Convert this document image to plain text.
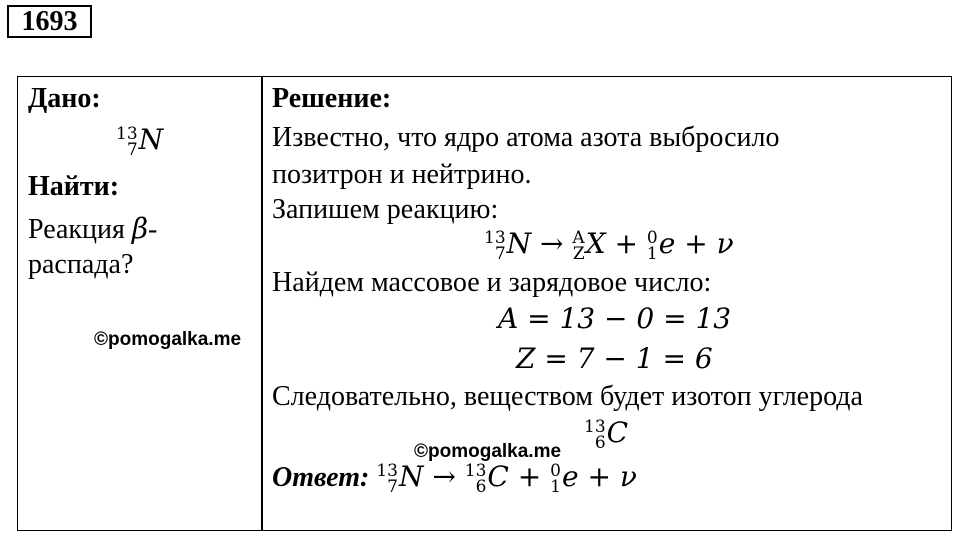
1693
Дано:
13
7 N
Найти:
Реакция β-
распада?
©pomogalka.me
Решение:
Известно, что ядро атома азота выбросило
позитрон и нейтрино.
Запишем реакцию:
13
7 N → A
Z X + 0
1 e + ν
Найдем массовое и зарядовое число:
A = 13 − 0 = 13
Z = 7 − 1 = 6
Следовательно, веществом будет изотоп углерода
13
6 C
©pomogalka.me
Ответ: 13
7 N → 13
6 C + 0
1 e + ν
